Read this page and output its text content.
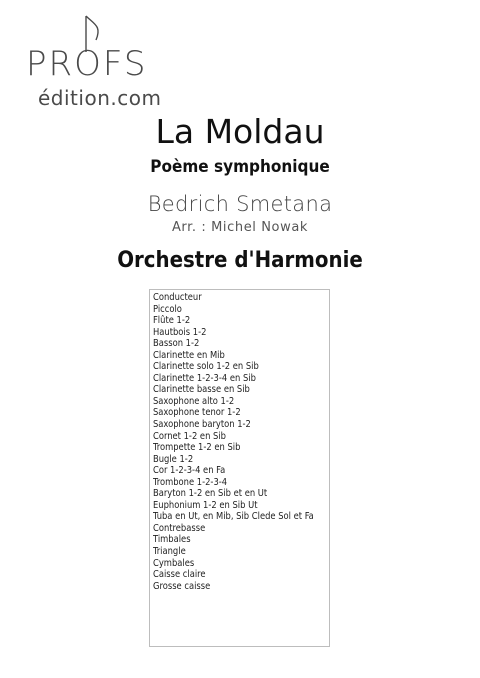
PROFS
édition.com
La Moldau
Poème symphonique
Bedrich Smetana
Arr. : Michel Nowak
Orchestre d'Harmonie
Conducteur
Piccolo
Flûte 1-2
Hautbois 1-2
Basson 1-2
Clarinette en Mib
Clarinette solo 1-2 en Sib
Clarinette 1-2-3-4 en Sib
Clarinette basse en Sib
Saxophone alto 1-2
Saxophone tenor 1-2
Saxophone baryton 1-2
Cornet 1-2 en Sib
Trompette 1-2 en Sib
Bugle 1-2
Cor 1-2-3-4 en Fa
Trombone 1-2-3-4
Baryton 1-2 en Sib et en Ut
Euphonium 1-2 en Sib Ut
Tuba en Ut, en Mib, Sib Clede Sol et Fa
Contrebasse
Timbales
Triangle
Cymbales
Caisse claire
Grosse caisse
